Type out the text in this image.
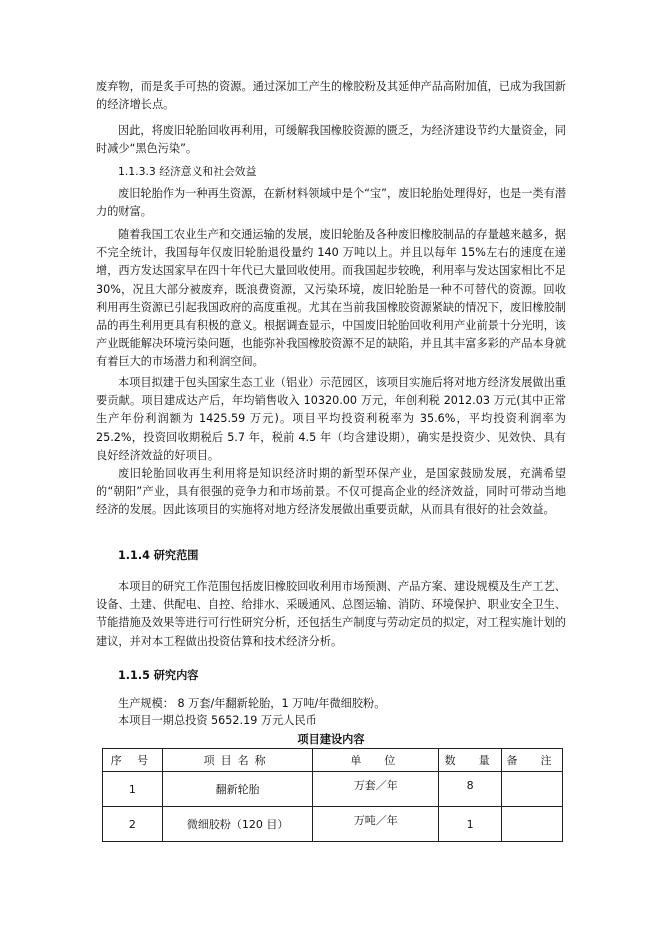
废弃物，而是炙手可热的资源。通过深加工产生的橡胶粉及其延伸产品高附加值，已成为我国新的经济增长点。

因此，将废旧轮胎回收再利用，可缓解我国橡胶资源的匮乏，为经济建设节约大量资金，同时减少“黑色污染”。

1.1.3.3 经济意义和社会效益

废旧轮胎作为一种再生资源，在新材料领域中是个“宝”，废旧轮胎处理得好，也是一类有潜力的财富。

随着我国工农业生产和交通运输的发展，废旧轮胎及各种废旧橡胶制品的存量越来越多，据不完全统计，我国每年仅废旧轮胎退役量约 140 万吨以上。并且以每年 15%左右的速度在递增，西方发达国家早在四十年代已大量回收使用。而我国起步较晚，利用率与发达国家相比不足 30%，况且大部分被废弃，既浪费资源，又污染环境，废旧轮胎是一种不可替代的资源。回收利用再生资源已引起我国政府的高度重视。尤其在当前我国橡胶资源紧缺的情况下，废旧橡胶制品的再生利用更具有积极的意义。根据调查显示，中国废旧轮胎回收利用产业前景十分光明，该产业既能解决环境污染问题，也能弥补我国橡胶资源不足的缺陷，并且其丰富多彩的产品本身就有着巨大的市场潜力和利润空间。

本项目拟建于包头国家生态工业（铝业）示范园区，该项目实施后将对地方经济发展做出重要贡献。项目建成达产后，年均销售收入 10320.00 万元，年创利税 2012.03 万元(其中正常生产年份利润额为 1425.59 万元)。项目平均投资利税率为 35.6%，平均投资利润率为 25.2%，投资回收期税后 5.7 年，税前 4.5 年（均含建设期），确实是投资少、见效快、具有良好经济效益的好项目。

废旧轮胎回收再生利用将是知识经济时期的新型环保产业，是国家鼓励发展，充满希望的“朝阳”产业，具有很强的竞争力和市场前景。不仅可提高企业的经济效益，同时可带动当地经济的发展。因此该项目的实施将对地方经济发展做出重要贡献，从而具有很好的社会效益。

1.1.4 研究范围

本项目的研究工作范围包括废旧橡胶回收利用市场预测、产品方案、建设规模及生产工艺、设备、土建、供配电、自控、给排水、采暖通风、总图运输、消防、环境保护、职业安全卫生、节能措施及效果等进行可行性研究分析，还包括生产制度与劳动定员的拟定，对工程实施计划的建议，并对本工程做出投资估算和技术经济分析。

1.1.5 研究内容
生产规模： 8 万套/年翻新轮胎，1 万吨/年微细胶粉。
本项目一期总投资 5652.19 万元人民币
项目建设内容
序 号	项目名称	单　位	数　量	备　注
1	翻新轮胎	万套／年	8	

2	微细胶粉（120 目）	万吨／年	1	
